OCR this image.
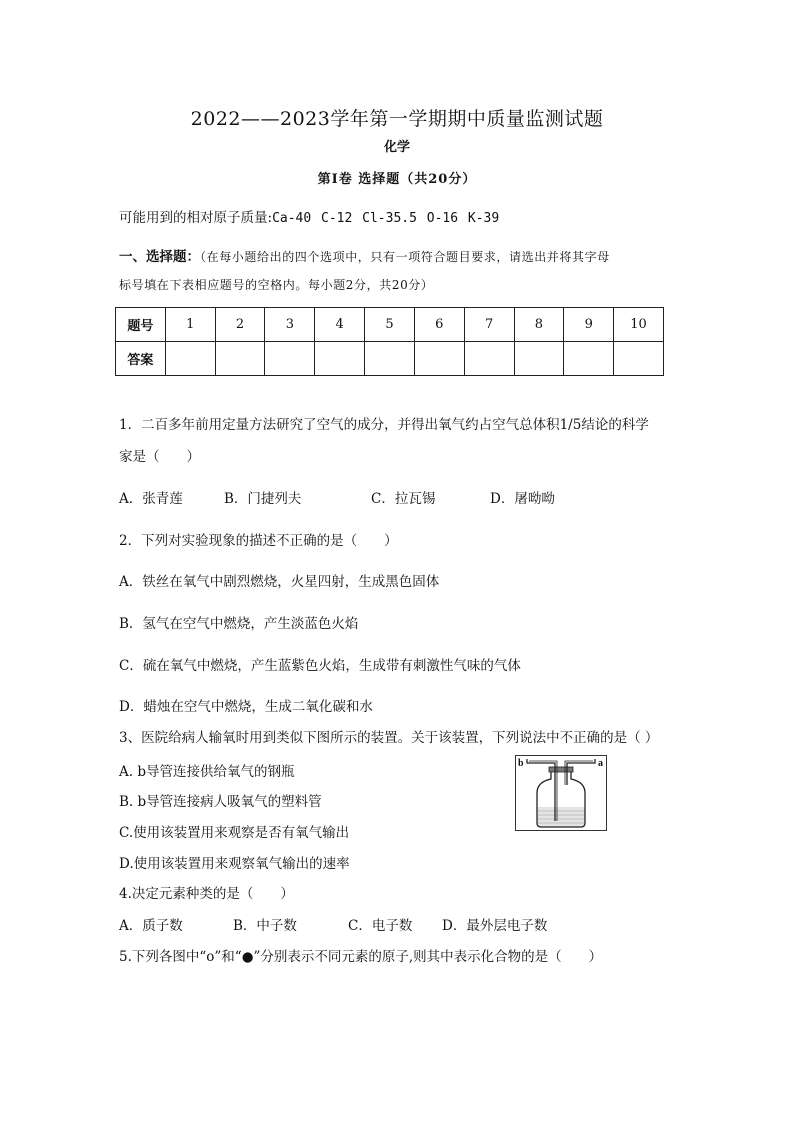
2022——2023学年第一学期期中质量监测试题
化学
第Ⅰ卷 选择题（共20分）
可能用到的相对原子质量:Ca-40 C-12 Cl-35.5 O-16 K-39
一、选择题：（在每小题给出的四个选项中，只有一项符合题目要求，请选出并将其字母
标号填在下表相应题号的空格内。每小题2分，共20分）
题号	1	2	3	4	5	6	7	8	9	10
答案										
1．二百多年前用定量方法研究了空气的成分，并得出氧气约占空气总体积1/5结论的科学
家是（　　）
A．张青莲	B．门捷列夫	C．拉瓦锡	D．屠呦呦
2．下列对实验现象的描述不正确的是（　　）
A．铁丝在氧气中剧烈燃烧，火星四射，生成黑色固体
B．氢气在空气中燃烧，产生淡蓝色火焰
C．硫在氧气中燃烧，产生蓝紫色火焰，生成带有刺激性气味的气体
D．蜡烛在空气中燃烧，生成二氧化碳和水
3、医院给病人输氧时用到类似下图所示的装置。关于该装置，下列说法中不正确的是（ ）
A. b导管连接供给氧气的钢瓶
B. b导管连接病人吸氧气的塑料管
C.使用该装置用来观察是否有氧气输出
D.使用该装置用来观察氧气输出的速率
b	a
4.决定元素种类的是（　　）
A．质子数	B．中子数	C．电子数 D．最外层电子数
5.下列各图中“o”和“●”分别表示不同元素的原子,则其中表示化合物的是（　　）
